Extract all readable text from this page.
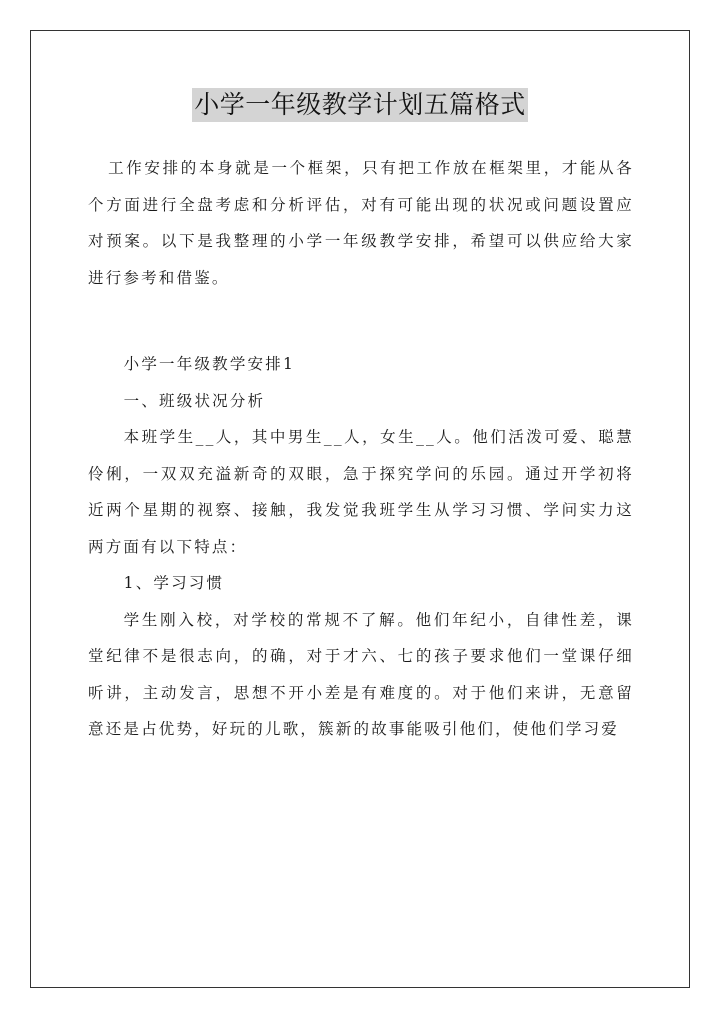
小学一年级教学计划五篇格式

工作安排的本身就是一个框架，只有把工作放在框架里，才能从各个方面进行全盘考虑和分析评估，对有可能出现的状况或问题设置应对预案。以下是我整理的小学一年级教学安排，希望可以供应给大家进行参考和借鉴。

小学一年级教学安排1

一、班级状况分析

本班学生__人，其中男生__人，女生__人。他们活泼可爱、聪慧伶俐，一双双充溢新奇的双眼，急于探究学问的乐园。通过开学初将近两个星期的视察、接触，我发觉我班学生从学习习惯、学问实力这两方面有以下特点：

1、学习习惯

学生刚入校，对学校的常规不了解。他们年纪小，自律性差，课堂纪律不是很志向，的确，对于才六、七的孩子要求他们一堂课仔细听讲，主动发言，思想不开小差是有难度的。对于他们来讲，无意留意还是占优势，好玩的儿歌，簇新的故事能吸引他们，使他们学习爱
